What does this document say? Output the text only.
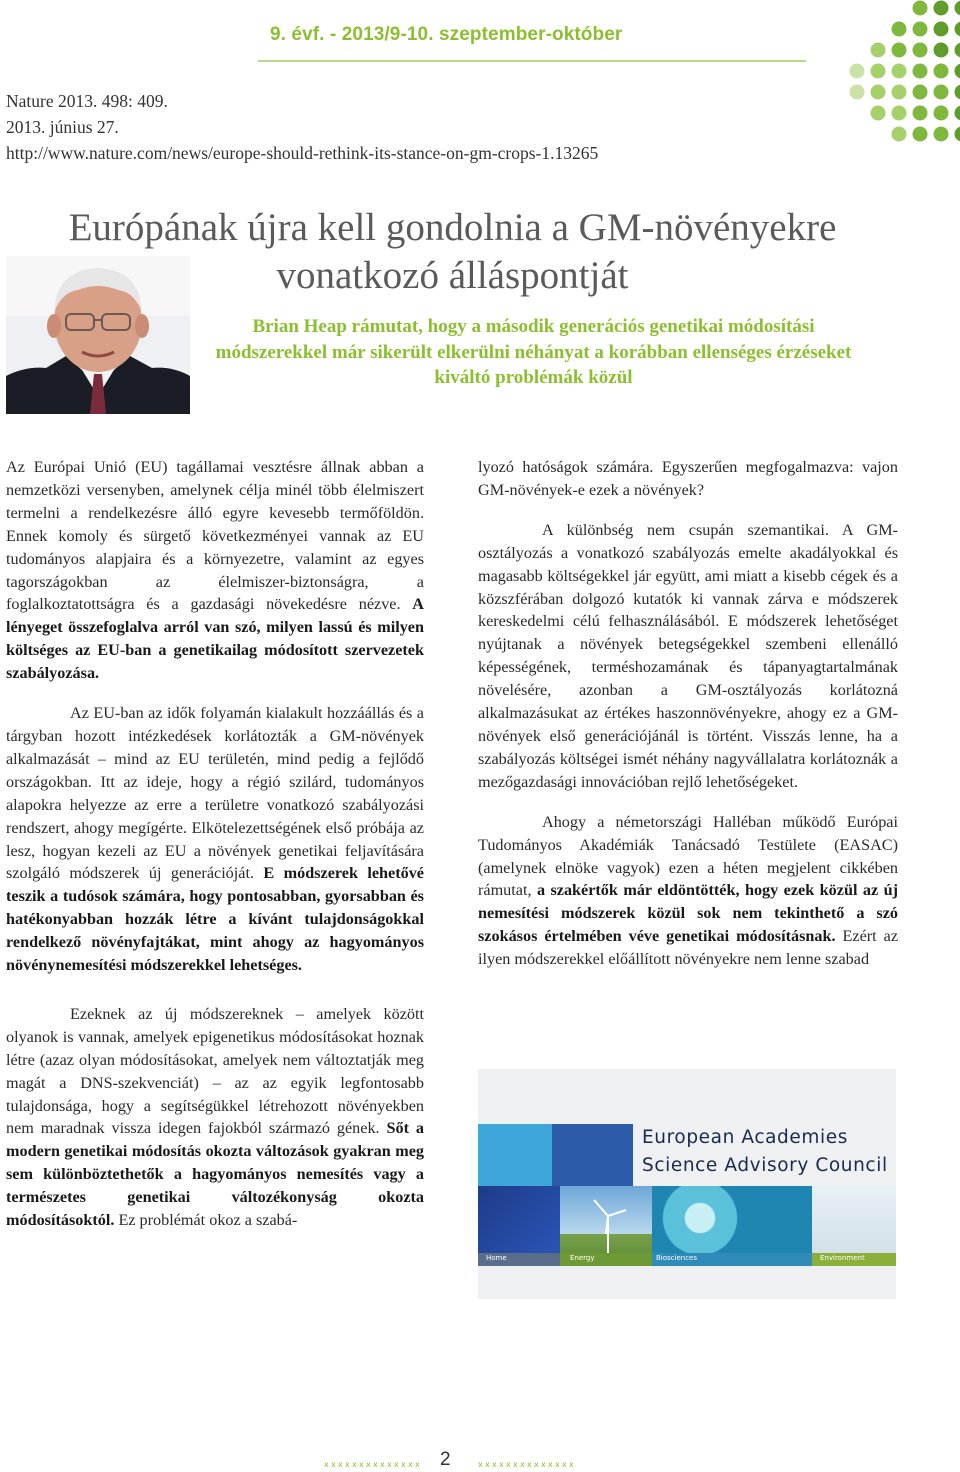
9. évf. - 2013/9-10. szeptember-október
Nature 2013. 498: 409.
2013. június 27.
http://www.nature.com/news/europe-should-rethink-its-stance-on-gm-crops-1.13265
Európának újra kell gondolnia a GM-növényekre
vonatkozó álláspontját
Brian Heap rámutat, hogy a második generációs genetikai módosítási módszerekkel már sikerült elkerülni néhányat a korábban ellenséges érzéseket kiváltó problémák közül

Az Európai Unió (EU) tagállamai vesztésre állnak abban a nemzetközi versenyben, amelynek célja minél több élelmiszert termelni a rendelkezésre álló egyre kevesebb termőföldön. Ennek komoly és sürgető következményei vannak az EU tudományos alapjaira és a környezetre, valamint az egyes tagországokban az élelmiszer-biztonságra, a foglalkoztatottságra és a gazdasági növekedésre nézve. A lényeget összefoglalva arról van szó, milyen lassú és milyen költséges az EU-ban a genetikailag módosított szervezetek szabályozása.

Az EU-ban az idők folyamán kialakult hozzáállás és a tárgyban hozott intézkedések korlátozták a GM-növények alkalmazását – mind az EU területén, mind pedig a fejlődő országokban. Itt az ideje, hogy a régió szilárd, tudományos alapokra helyezze az erre a területre vonatkozó szabályozási rendszert, ahogy megígérte. Elkötelezettségének első próbája az lesz, hogyan kezeli az EU a növények genetikai feljavítására szolgáló módszerek új generációját. E módszerek lehetővé teszik a tudósok számára, hogy pontosabban, gyorsabban és hatékonyabban hozzák létre a kívánt tulajdonságokkal rendelkező növényfajtákat, mint ahogy az hagyományos növénynemesítési módszerekkel lehetséges.

Ezeknek az új módszereknek – amelyek között olyanok is vannak, amelyek epigenetikus módosításokat hoznak létre (azaz olyan módosításokat, amelyek nem változtatják meg magát a DNS-szekvenciát) – az az egyik legfontosabb tulajdonsága, hogy a segítségükkel létrehozott növényekben nem maradnak vissza idegen fajokból származó gének. Sőt a modern genetikai módosítás okozta változások gyakran meg sem különböztethetők a hagyományos nemesítés vagy a természetes genetikai változékonyság okozta módosításoktól. Ez problémát okoz a szabá-

lyozó hatóságok számára. Egyszerűen megfogalmazva: vajon GM-növények-e ezek a növények?

A különbség nem csupán szemantikai. A GM-osztályozás a vonatkozó szabályozás emelte akadályokkal és magasabb költségekkel jár együtt, ami miatt a kisebb cégek és a közszférában dolgozó kutatók ki vannak zárva e módszerek kereskedelmi célú felhasználásából. E módszerek lehetőséget nyújtanak a növények betegségekkel szembeni ellenálló képességének, terméshozamának és tápanyagtartalmának növelésére, azonban a GM-osztályozás korlátozná alkalmazásukat az értékes haszonnövényekre, ahogy ez a GM-növények első generációjánál is történt. Visszás lenne, ha a szabályozás költségei ismét néhány nagyvállalatra korlátoznák a mezőgazdasági innovációban rejlő lehetőségeket.

Ahogy a németországi Halléban működő Európai Tudományos Akadémiák Tanácsadó Testülete (EASAC) (amelynek elnöke vagyok) ezen a héten megjelent cikkében rámutat, a szakértők már eldöntötték, hogy ezek közül az új nemesítési módszerek közül sok nem tekinthető a szó szokásos értelmében véve genetikai módosításnak. Ezért az ilyen módszerekkel előállított növényekre nem lenne szabad

European Academies
Science Advisory Council
Home	Energy	Biosciences	Environment
x x x x x x x x x x x x x x 2	x x x x x x x x x x x x x x
